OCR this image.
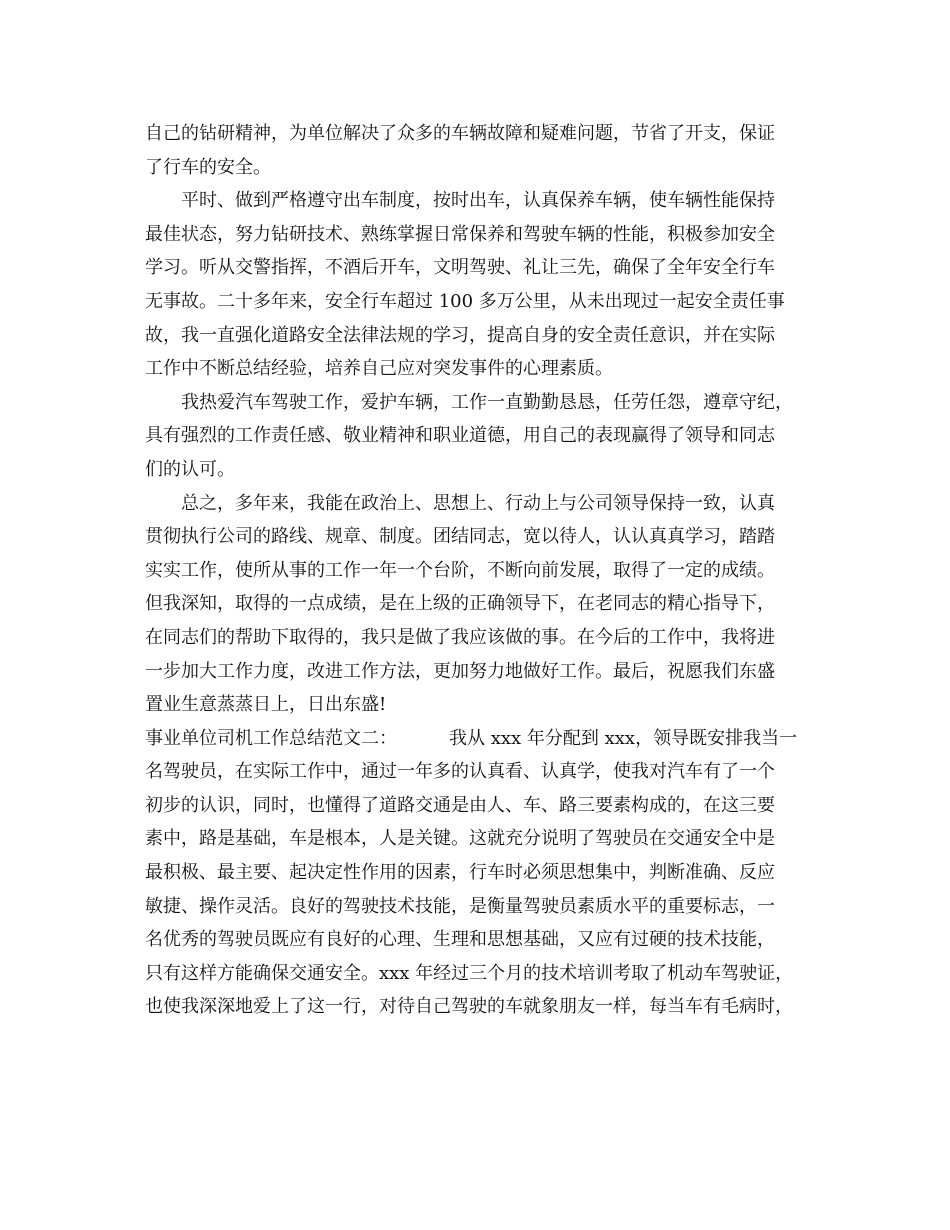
自己的钻研精神，为单位解决了众多的车辆故障和疑难问题，节省了开支，保证

了行车的安全。

平时、做到严格遵守出车制度，按时出车，认真保养车辆，使车辆性能保持

最佳状态，努力钻研技术、熟练掌握日常保养和驾驶车辆的性能，积极参加安全

学习。听从交警指挥，不酒后开车，文明驾驶、礼让三先，确保了全年安全行车

无事故。二十多年来，安全行车超过 100 多万公里，从未出现过一起安全责任事

故，我一直强化道路安全法律法规的学习，提高自身的安全责任意识，并在实际

工作中不断总结经验，培养自己应对突发事件的心理素质。

我热爱汽车驾驶工作，爱护车辆，工作一直勤勤恳恳，任劳任怨，遵章守纪，

具有强烈的工作责任感、敬业精神和职业道德，用自己的表现赢得了领导和同志

们的认可。

总之，多年来，我能在政治上、思想上、行动上与公司领导保持一致，认真

贯彻执行公司的路线、规章、制度。团结同志，宽以待人，认认真真学习，踏踏

实实工作，使所从事的工作一年一个台阶，不断向前发展，取得了一定的成绩。

但我深知，取得的一点成绩，是在上级的正确领导下，在老同志的精心指导下，

在同志们的帮助下取得的，我只是做了我应该做的事。在今后的工作中，我将进

一步加大工作力度，改进工作方法，更加努力地做好工作。最后，祝愿我们东盛

置业生意蒸蒸日上，日出东盛!

事业单位司机工作总结范文二：	我从 xxx 年分配到 xxx，领导既安排我当一

名驾驶员，在实际工作中，通过一年多的认真看、认真学，使我对汽车有了一个

初步的认识，同时，也懂得了道路交通是由人、车、路三要素构成的，在这三要

素中，路是基础，车是根本，人是关键。这就充分说明了驾驶员在交通安全中是

最积极、最主要、起决定性作用的因素，行车时必须思想集中，判断准确、反应

敏捷、操作灵活。良好的驾驶技术技能，是衡量驾驶员素质水平的重要标志，一

名优秀的驾驶员既应有良好的心理、生理和思想基础，又应有过硬的技术技能，

只有这样方能确保交通安全。xxx 年经过三个月的技术培训考取了机动车驾驶证，

也使我深深地爱上了这一行，对待自己驾驶的车就象朋友一样，每当车有毛病时，
